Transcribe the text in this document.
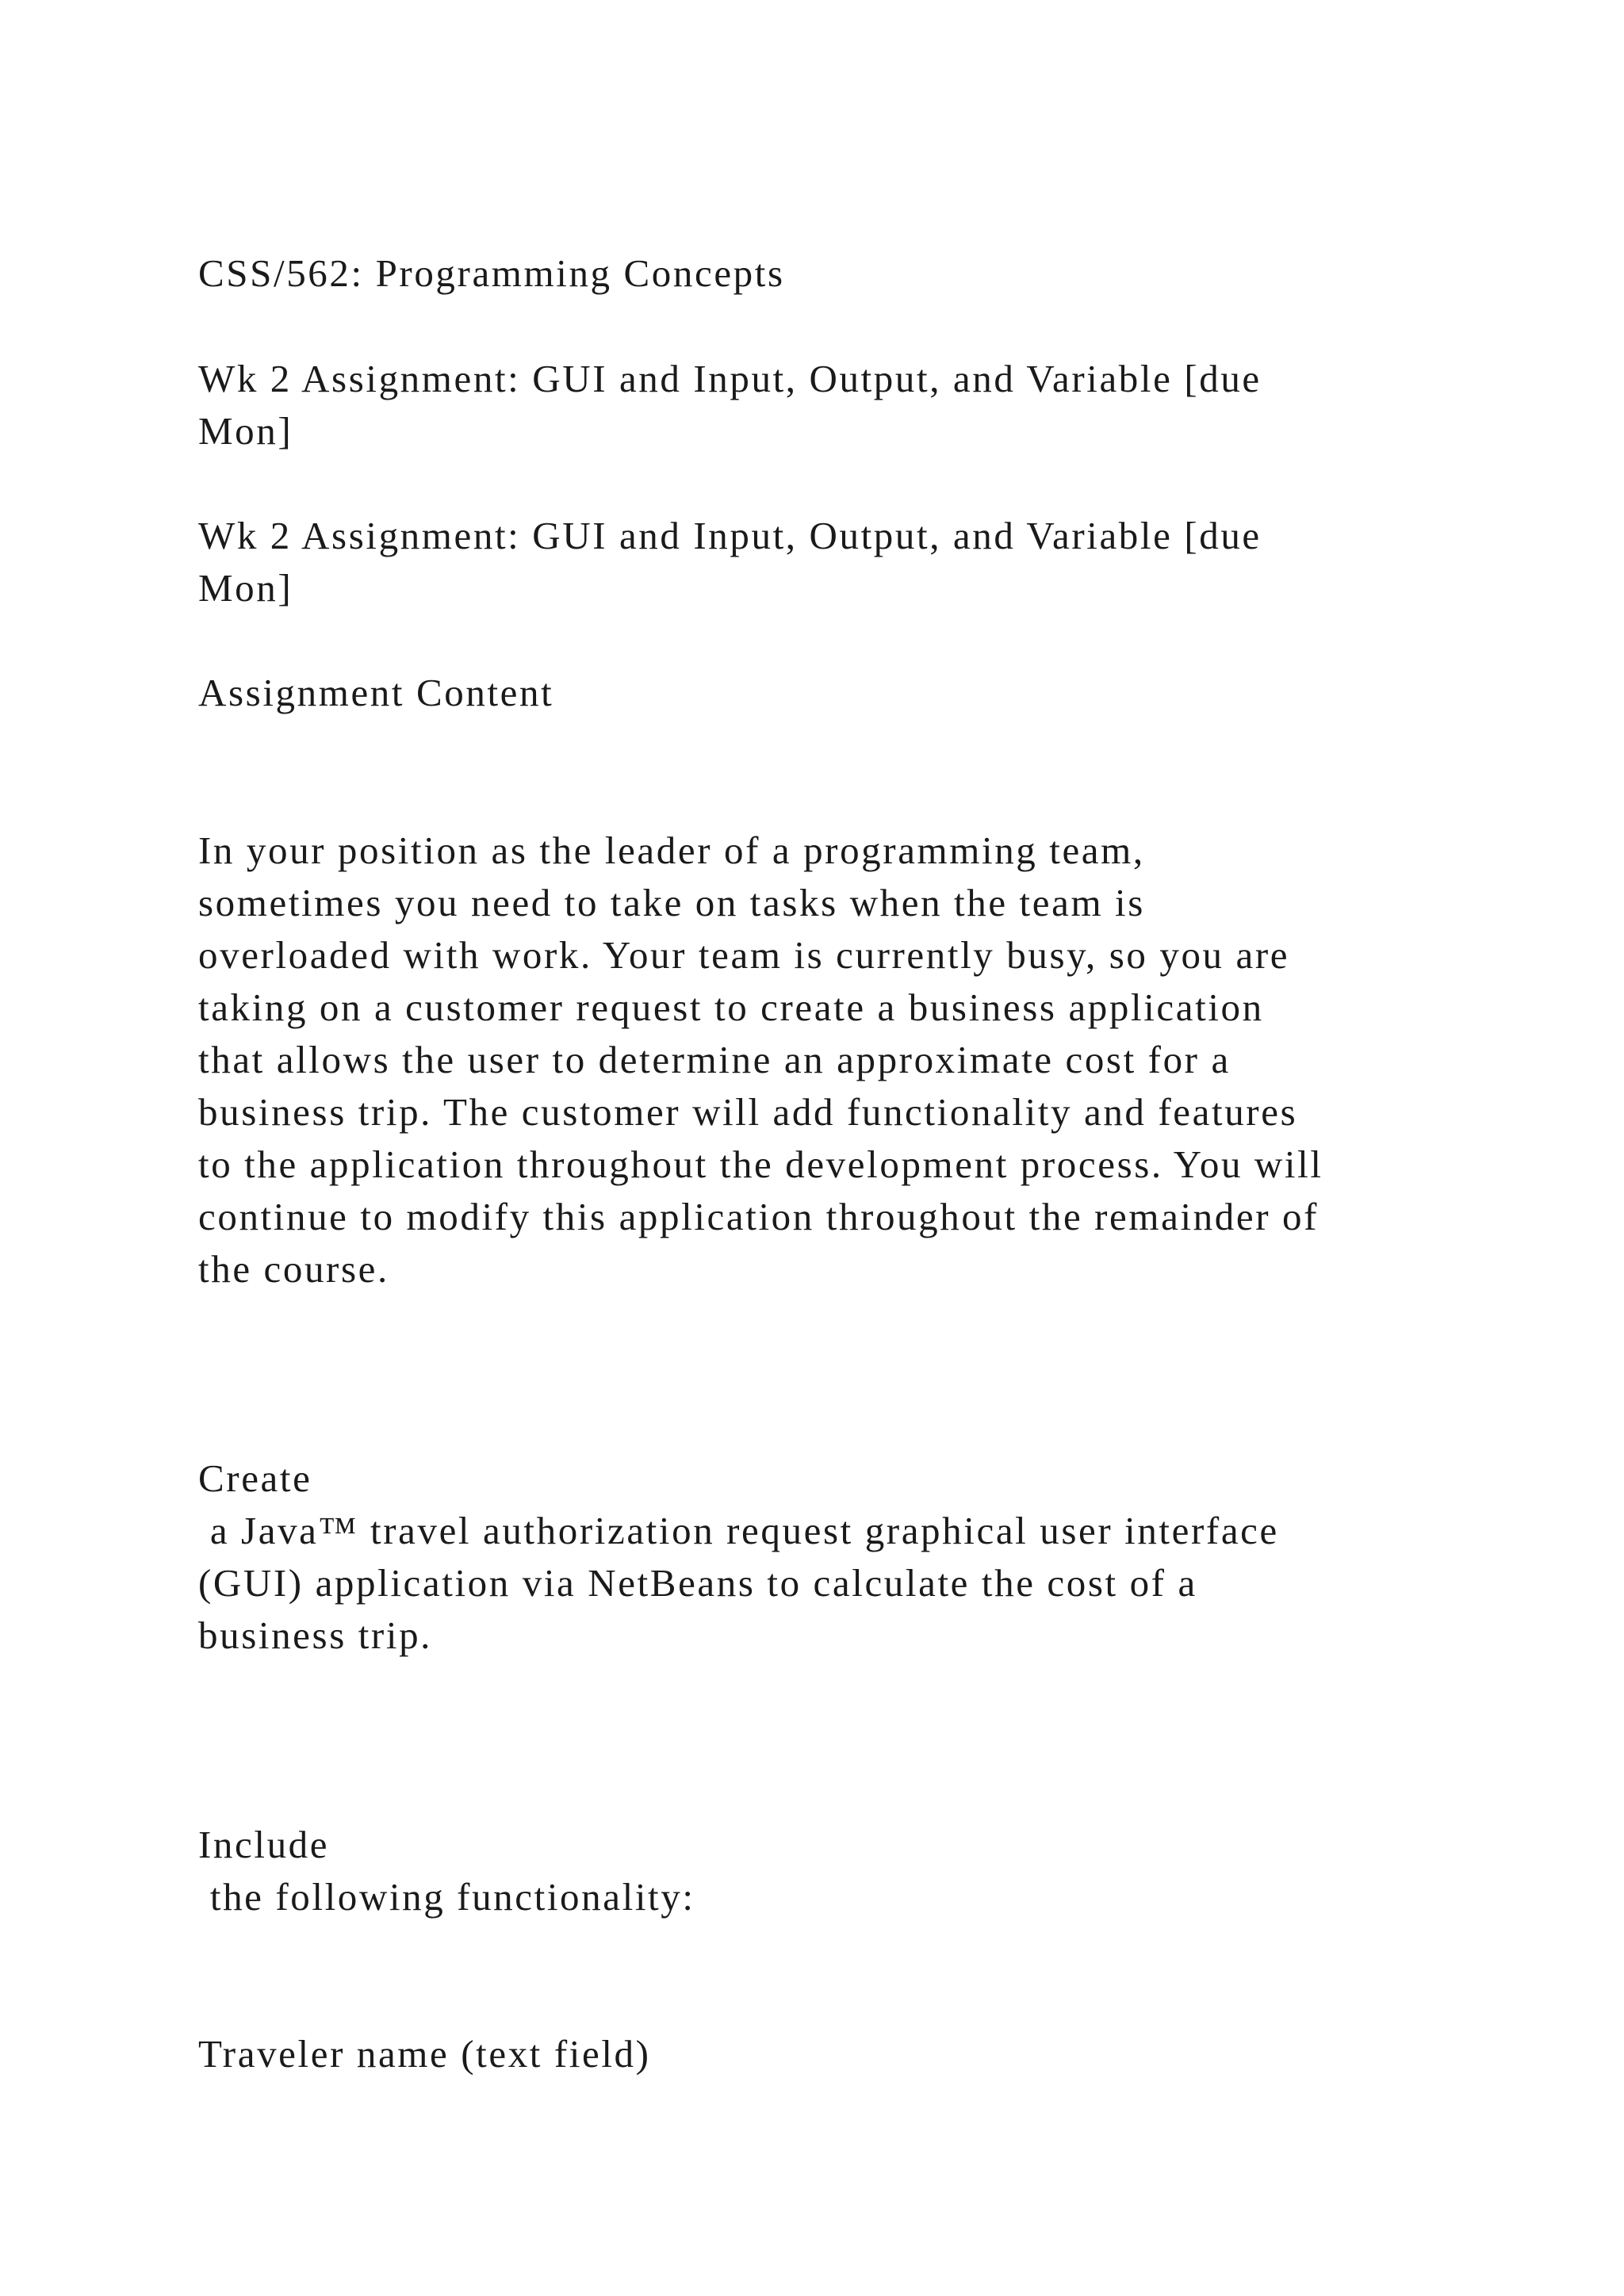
CSS/562: Programming Concepts

Wk 2 Assignment: GUI and Input, Output, and Variable [due

Mon]

Wk 2 Assignment: GUI and Input, Output, and Variable [due

Mon]

Assignment Content

In your position as the leader of a programming team,

sometimes you need to take on tasks when the team is

overloaded with work. Your team is currently busy, so you are

taking on a customer request to create a business application

that allows the user to determine an approximate cost for a

business trip. The customer will add functionality and features

to the application throughout the development process. You will

continue to modify this application throughout the remainder of

the course.

Create

a Java™ travel authorization request graphical user interface

(GUI) application via NetBeans to calculate the cost of a

business trip.

Include

the following functionality:

Traveler name (text field)
